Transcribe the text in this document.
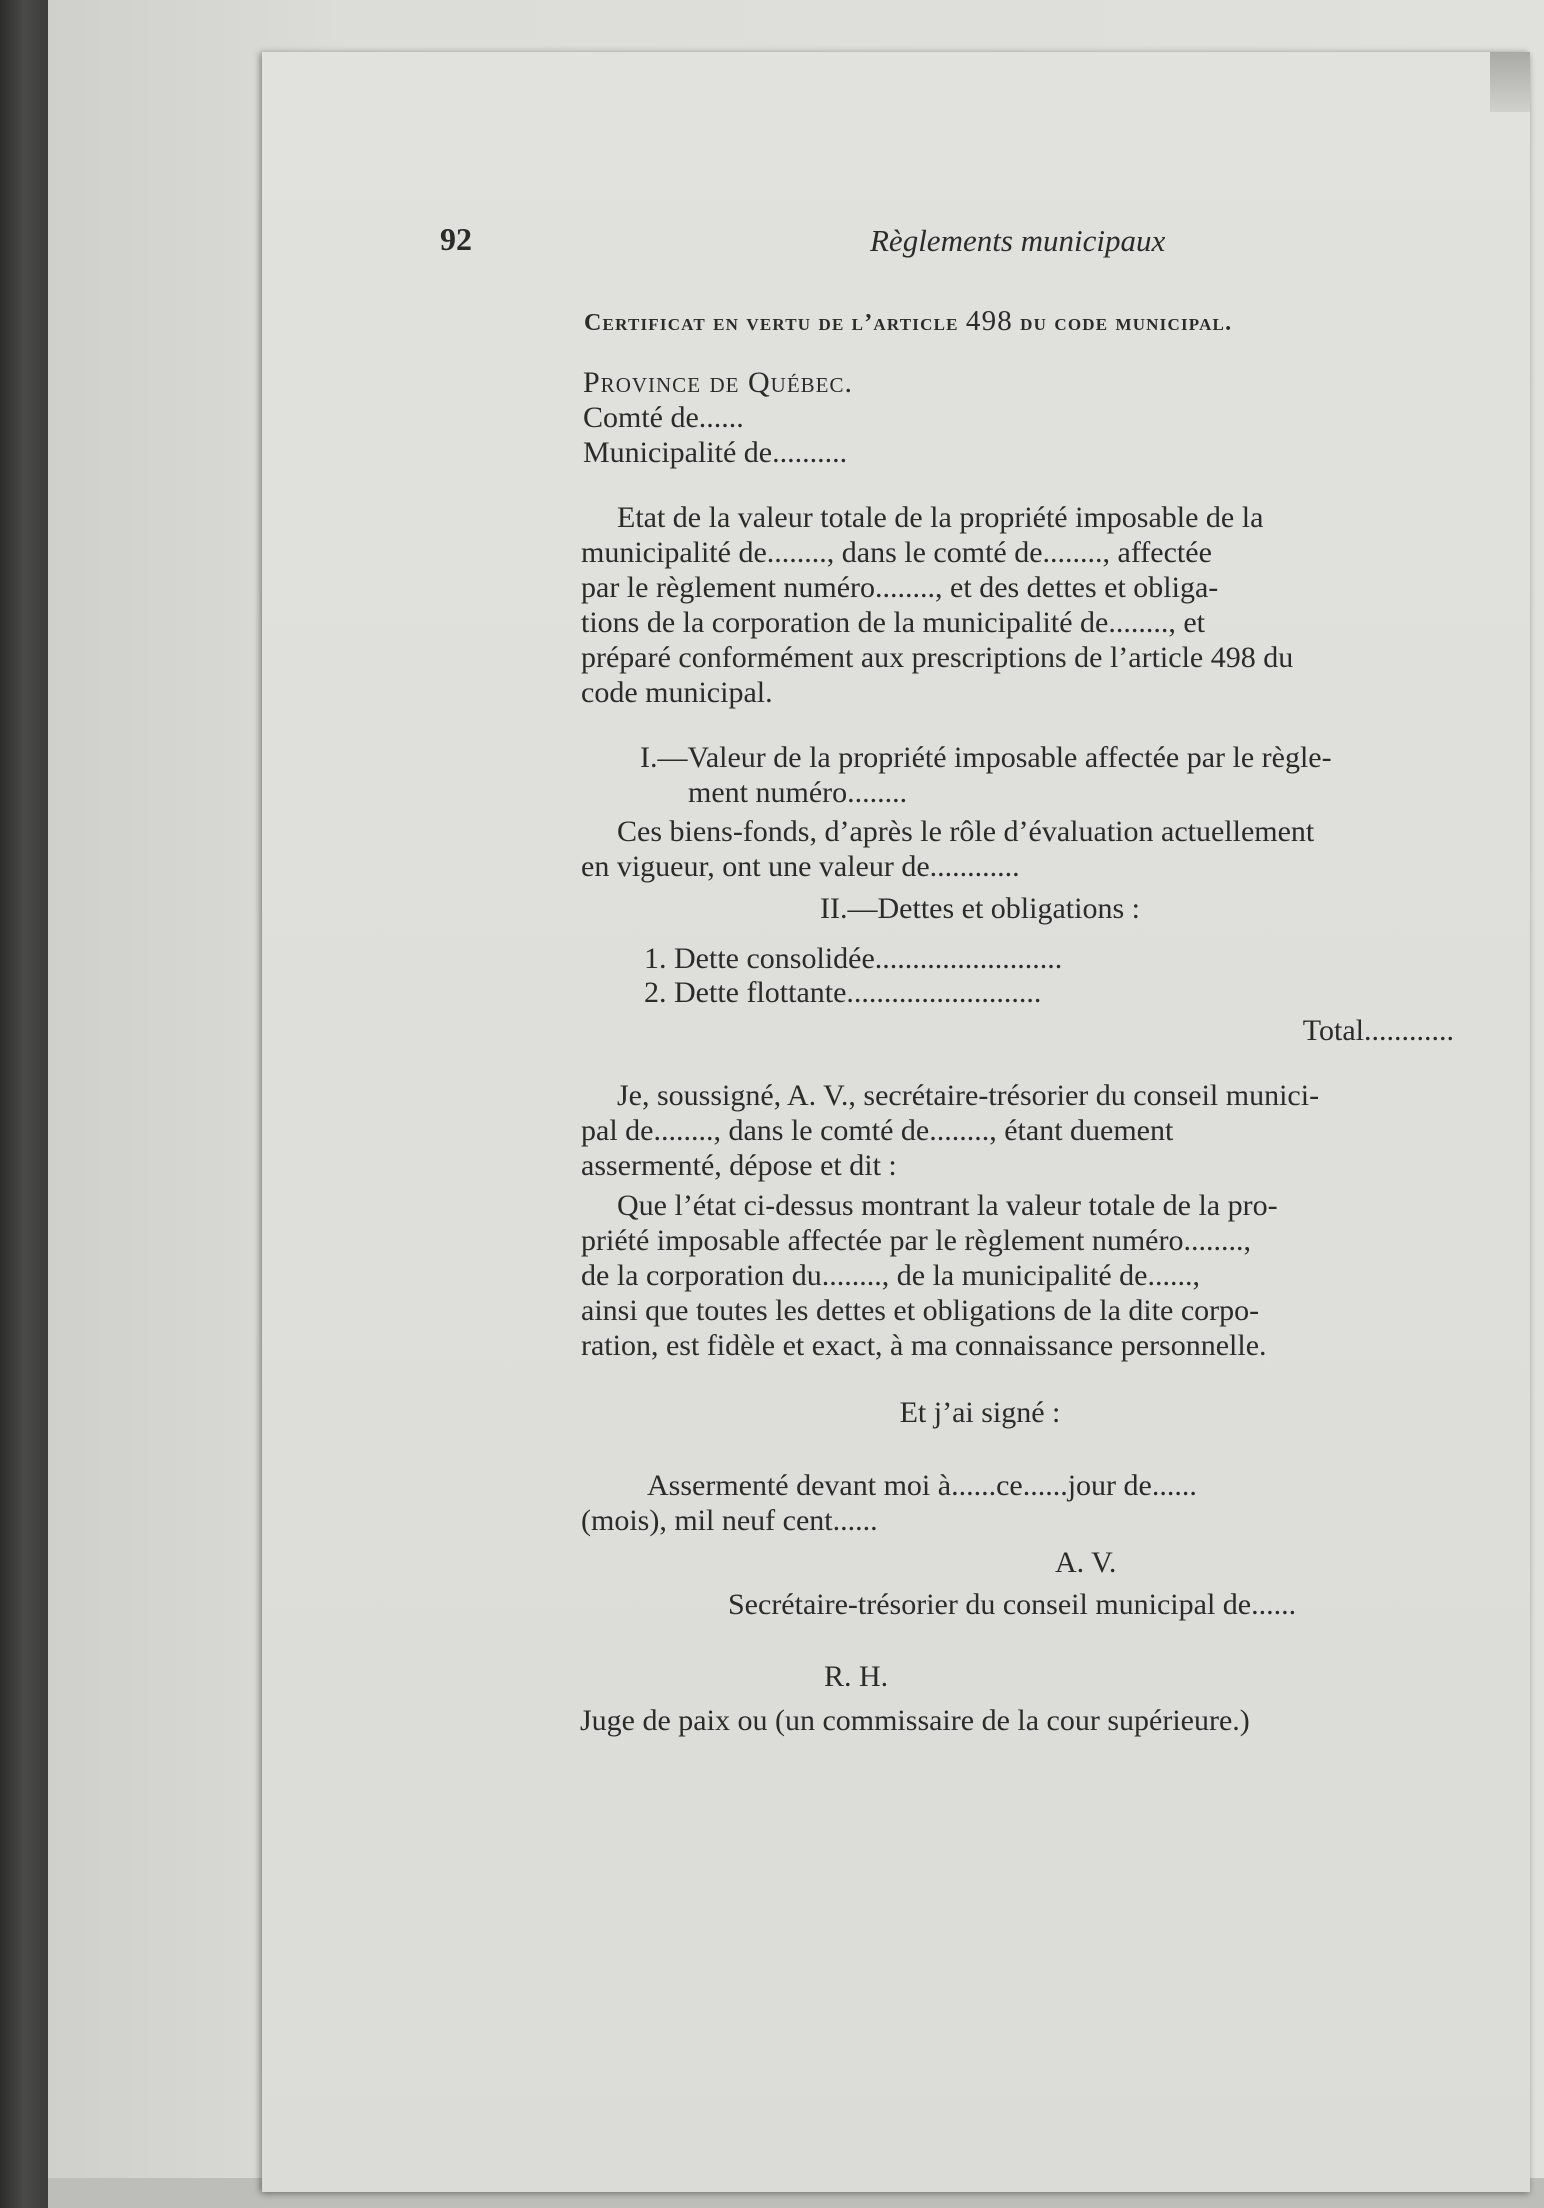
92	Règlements municipaux
Certificat en vertu de l’article 498 du code municipal.
Province de Québec.
Comté de......
Municipalité de..........
Etat de la valeur totale de la propriété imposable de la
municipalité de........, dans le comté de........, affectée
par le règlement numéro........, et des dettes et obliga-
tions de la corporation de la municipalité de........, et
préparé conformément aux prescriptions de l’article 498 du
code municipal.
I.—Valeur de la propriété imposable affectée par le règle-
ment numéro........
Ces biens-fonds, d’après le rôle d’évaluation actuellement
en vigueur, ont une valeur de............
II.—Dettes et obligations :
1. Dette consolidée.........................
2. Dette flottante..........................
Total............
Je, soussigné, A. V., secrétaire-trésorier du conseil munici-
pal de........, dans le comté de........, étant duement
assermenté, dépose et dit :
Que l’état ci-dessus montrant la valeur totale de la pro-
priété imposable affectée par le règlement numéro........,
de la corporation du........, de la municipalité de......,
ainsi que toutes les dettes et obligations de la dite corpo-
ration, est fidèle et exact, à ma connaissance personnelle.
Et j’ai signé :
Assermenté devant moi à......ce......jour de......
(mois), mil neuf cent......
A. V.
Secrétaire-trésorier du conseil municipal de......
R. H.
Juge de paix ou (un commissaire de la cour supérieure.)
